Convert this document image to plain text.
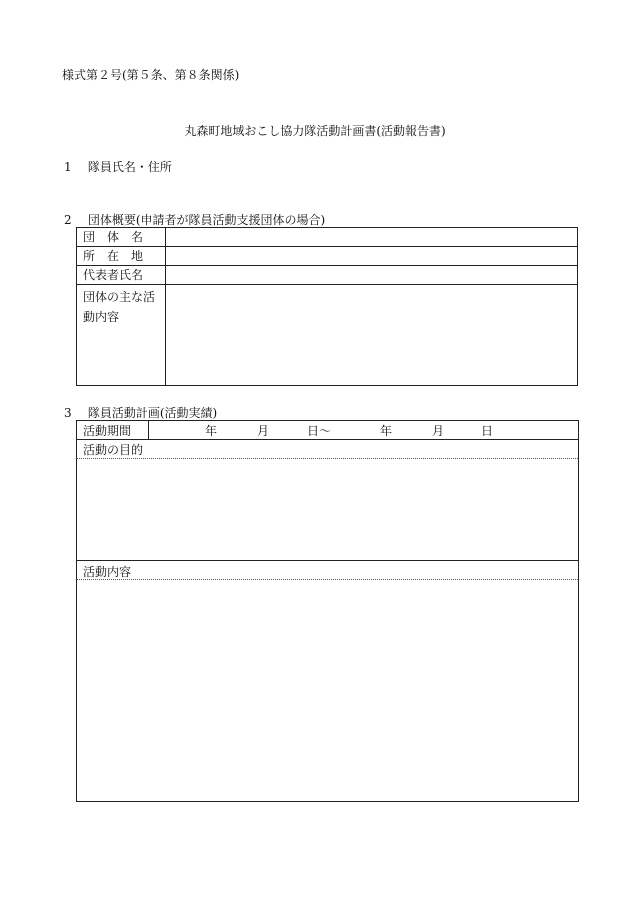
様式第２号(第５条、第８条関係)
丸森町地域おこし協力隊活動計画書(活動報告書)
1 隊員氏名・住所
2 団体概要(申請者が隊員活動支援団体の場合)
団体名	
所在地	
代表者氏名	
団体の主な活動内容	
3 隊員活動計画(活動実績)
活動期間	年	月	日～	年	月	日
活動の目的
活動内容
